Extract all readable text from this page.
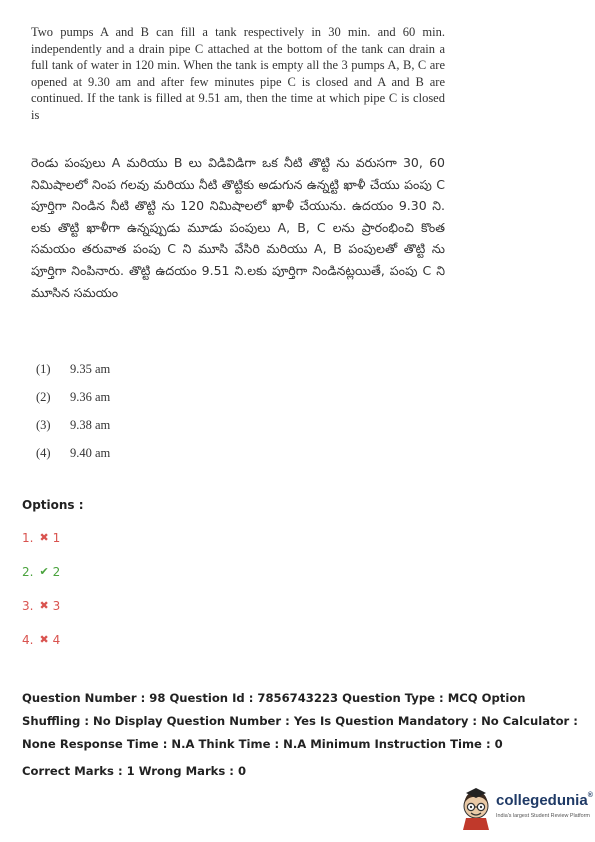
Two pumps A and B can fill a tank respectively in 30 min. and 60 min. independently and a drain pipe C attached at the bottom of the tank can drain a full tank of water in 120 min. When the tank is empty all the 3 pumps A, B, C are opened at 9.30 am and after few minutes pipe C is closed and A and B are continued. If the tank is filled at 9.51 am, then the time at which pipe C is closed is
రెండు పంపులు A మరియు B లు విడివిడిగా ఒక నీటి తొట్టి ను వరుసగా 30, 60 నిమిషాలలో నింప గలవు మరియు నీటి తొట్టికు అడుగున ఉన్నట్టి ఖాళీ చేయు పంపు C పూర్తిగా నిండిన నీటి తొట్టి ను 120 నిమిషాలలో ఖాళీ చేయును. ఉదయం 9.30 ని. లకు తొట్టి ఖాళీగా ఉన్నప్పుడు మూడు పంపులు A, B, C లను ప్రారంభించి కొంత సమయం తరువాత పంపు C ని మూసి వేసిరి మరియు A, B పంపులతో తొట్టి ను పూర్తిగా నింపినారు. తొట్టి ఉదయం 9.51 ని.లకు పూర్తిగా నిండినట్లయితే, పంపు C ని మూసిన సమయం
(1)	9.35 am
(2)	9.36 am
(3)	9.38 am
(4)	9.40 am
Options :
1. ✖ 1
2. ✔ 2
3. ✖ 3
4. ✖ 4
Question Number : 98 Question Id : 7856743223 Question Type : MCQ Option Shuffling : No Display Question Number : Yes Is Question Mandatory : No Calculator : None Response Time : N.A Think Time : N.A Minimum Instruction Time : 0
Correct Marks : 1 Wrong Marks : 0
collegedunia®
India's largest Student Review Platform
